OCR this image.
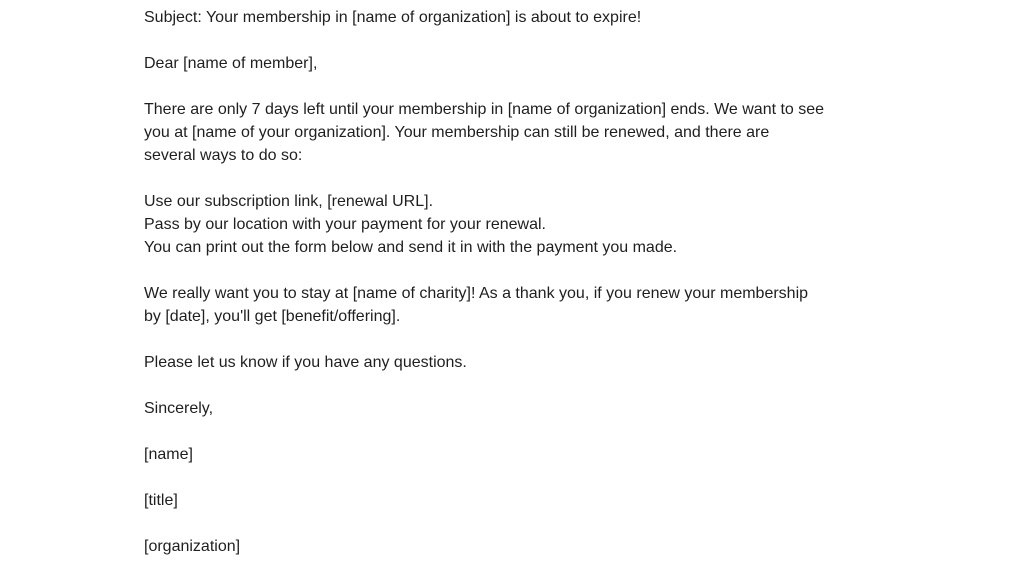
Subject: Your membership in [name of organization] is about to expire!

Dear [name of member],

There are only 7 days left until your membership in [name of organization] ends. We want to see
you at [name of your organization]. Your membership can still be renewed, and there are
several ways to do so:

Use our subscription link, [renewal URL].
Pass by our location with your payment for your renewal.
You can print out the form below and send it in with the payment you made.

We really want you to stay at [name of charity]! As a thank you, if you renew your membership
by [date], you'll get [benefit/offering].

Please let us know if you have any questions.

Sincerely,

[name]

[title]

[organization]
